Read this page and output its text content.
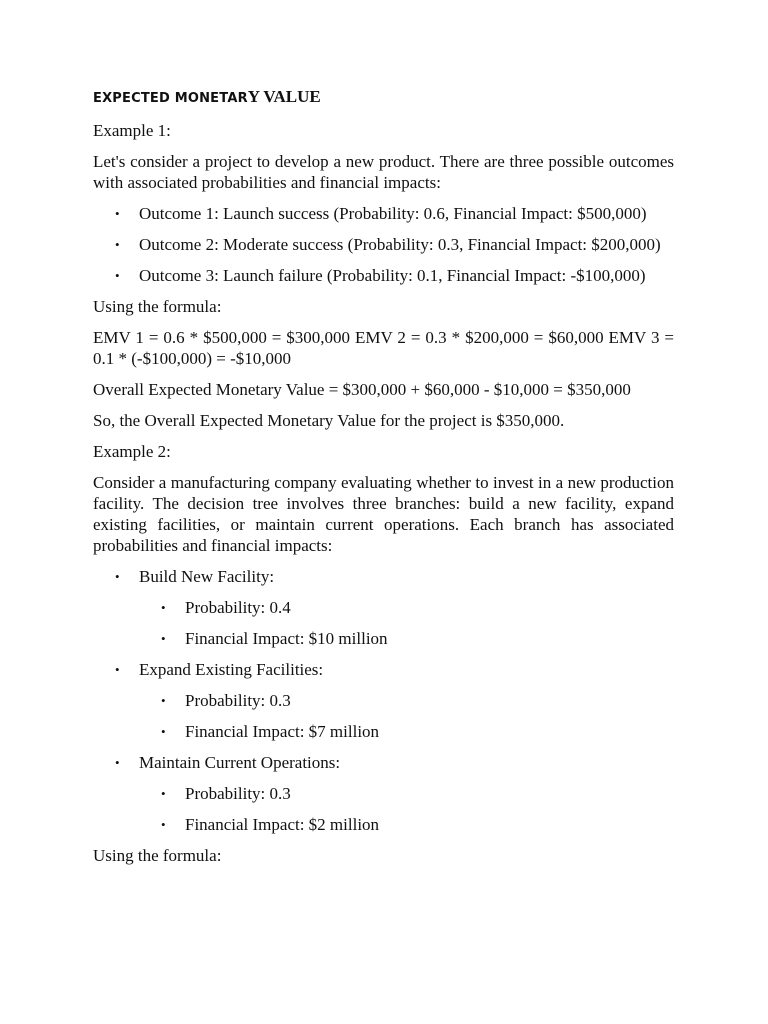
EXPECTED MONETARY VALUE

Example 1:

Let's consider a project to develop a new product. There are three possible outcomes with associated probabilities and financial impacts:

• Outcome 1: Launch success (Probability: 0.6, Financial Impact: $500,000)
• Outcome 2: Moderate success (Probability: 0.3, Financial Impact: $200,000)
• Outcome 3: Launch failure (Probability: 0.1, Financial Impact: -$100,000)

Using the formula:

EMV 1 = 0.6 * $500,000 = $300,000 EMV 2 = 0.3 * $200,000 = $60,000 EMV 3 = 0.1 * (-$100,000) = -$10,000

Overall Expected Monetary Value = $300,000 + $60,000 - $10,000 = $350,000

So, the Overall Expected Monetary Value for the project is $350,000.

Example 2:

Consider a manufacturing company evaluating whether to invest in a new production facility. The decision tree involves three branches: build a new facility, expand existing facilities, or maintain current operations. Each branch has associated probabilities and financial impacts:

• Build New Facility:
• Probability: 0.4
• Financial Impact: $10 million
• Expand Existing Facilities:
• Probability: 0.3
• Financial Impact: $7 million
• Maintain Current Operations:
• Probability: 0.3
• Financial Impact: $2 million

Using the formula:
